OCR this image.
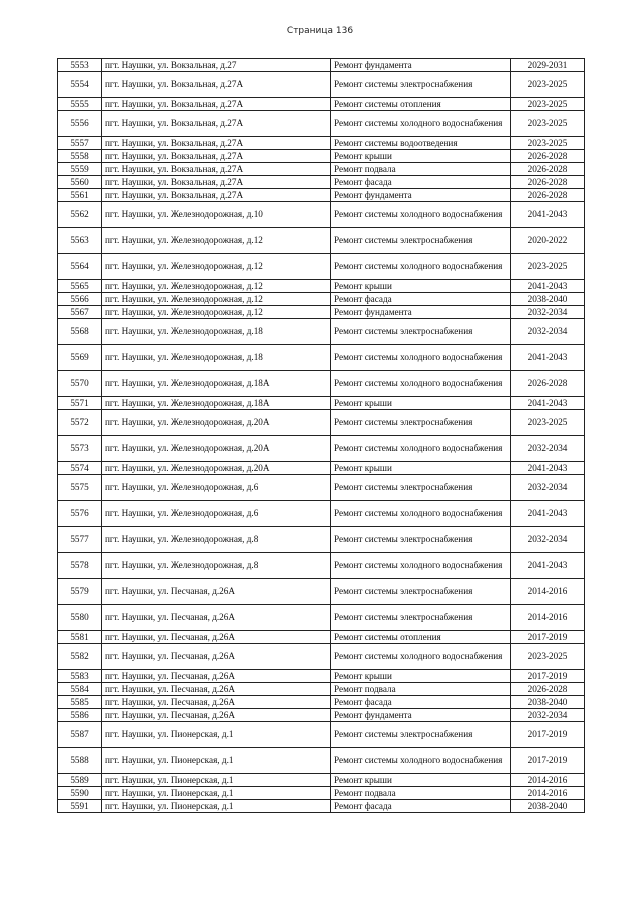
Страница 136
5553	пгт. Наушки, ул. Вокзальная, д.27	Ремонт фундамента	2029-2031
5554	пгт. Наушки, ул. Вокзальная, д.27А	Ремонт системы электроснабжения	2023-2025
5555	пгт. Наушки, ул. Вокзальная, д.27А	Ремонт системы отопления	2023-2025
5556	пгт. Наушки, ул. Вокзальная, д.27А	Ремонт системы холодного водоснабжения	2023-2025
5557	пгт. Наушки, ул. Вокзальная, д.27А	Ремонт системы водоотведения	2023-2025
5558	пгт. Наушки, ул. Вокзальная, д.27А	Ремонт крыши	2026-2028
5559	пгт. Наушки, ул. Вокзальная, д.27А	Ремонт подвала	2026-2028
5560	пгт. Наушки, ул. Вокзальная, д.27А	Ремонт фасада	2026-2028
5561	пгт. Наушки, ул. Вокзальная, д.27А	Ремонт фундамента	2026-2028
5562	пгт. Наушки, ул. Железнодорожная, д.10	Ремонт системы холодного водоснабжения	2041-2043
5563	пгт. Наушки, ул. Железнодорожная, д.12	Ремонт системы электроснабжения	2020-2022
5564	пгт. Наушки, ул. Железнодорожная, д.12	Ремонт системы холодного водоснабжения	2023-2025
5565	пгт. Наушки, ул. Железнодорожная, д.12	Ремонт крыши	2041-2043
5566	пгт. Наушки, ул. Железнодорожная, д.12	Ремонт фасада	2038-2040
5567	пгт. Наушки, ул. Железнодорожная, д.12	Ремонт фундамента	2032-2034
5568	пгт. Наушки, ул. Железнодорожная, д.18	Ремонт системы электроснабжения	2032-2034
5569	пгт. Наушки, ул. Железнодорожная, д.18	Ремонт системы холодного водоснабжения	2041-2043
5570	пгт. Наушки, ул. Железнодорожная, д.18А	Ремонт системы холодного водоснабжения	2026-2028
5571	пгт. Наушки, ул. Железнодорожная, д.18А	Ремонт крыши	2041-2043
5572	пгт. Наушки, ул. Железнодорожная, д.20А	Ремонт системы электроснабжения	2023-2025
5573	пгт. Наушки, ул. Железнодорожная, д.20А	Ремонт системы холодного водоснабжения	2032-2034
5574	пгт. Наушки, ул. Железнодорожная, д.20А	Ремонт крыши	2041-2043
5575	пгт. Наушки, ул. Железнодорожная, д.6	Ремонт системы электроснабжения	2032-2034
5576	пгт. Наушки, ул. Железнодорожная, д.6	Ремонт системы холодного водоснабжения	2041-2043
5577	пгт. Наушки, ул. Железнодорожная, д.8	Ремонт системы электроснабжения	2032-2034
5578	пгт. Наушки, ул. Железнодорожная, д.8	Ремонт системы холодного водоснабжения	2041-2043
5579	пгт. Наушки, ул. Песчаная, д.26А	Ремонт системы электроснабжения	2014-2016
5580	пгт. Наушки, ул. Песчаная, д.26А	Ремонт системы электроснабжения	2014-2016
5581	пгт. Наушки, ул. Песчаная, д.26А	Ремонт системы отопления	2017-2019
5582	пгт. Наушки, ул. Песчаная, д.26А	Ремонт системы холодного водоснабжения	2023-2025
5583	пгт. Наушки, ул. Песчаная, д.26А	Ремонт крыши	2017-2019
5584	пгт. Наушки, ул. Песчаная, д.26А	Ремонт подвала	2026-2028
5585	пгт. Наушки, ул. Песчаная, д.26А	Ремонт фасада	2038-2040
5586	пгт. Наушки, ул. Песчаная, д.26А	Ремонт фундамента	2032-2034
5587	пгт. Наушки, ул. Пионерская, д.1	Ремонт системы электроснабжения	2017-2019
5588	пгт. Наушки, ул. Пионерская, д.1	Ремонт системы холодного водоснабжения	2017-2019
5589	пгт. Наушки, ул. Пионерская, д.1	Ремонт крыши	2014-2016
5590	пгт. Наушки, ул. Пионерская, д.1	Ремонт подвала	2014-2016
5591	пгт. Наушки, ул. Пионерская, д.1	Ремонт фасада	2038-2040
